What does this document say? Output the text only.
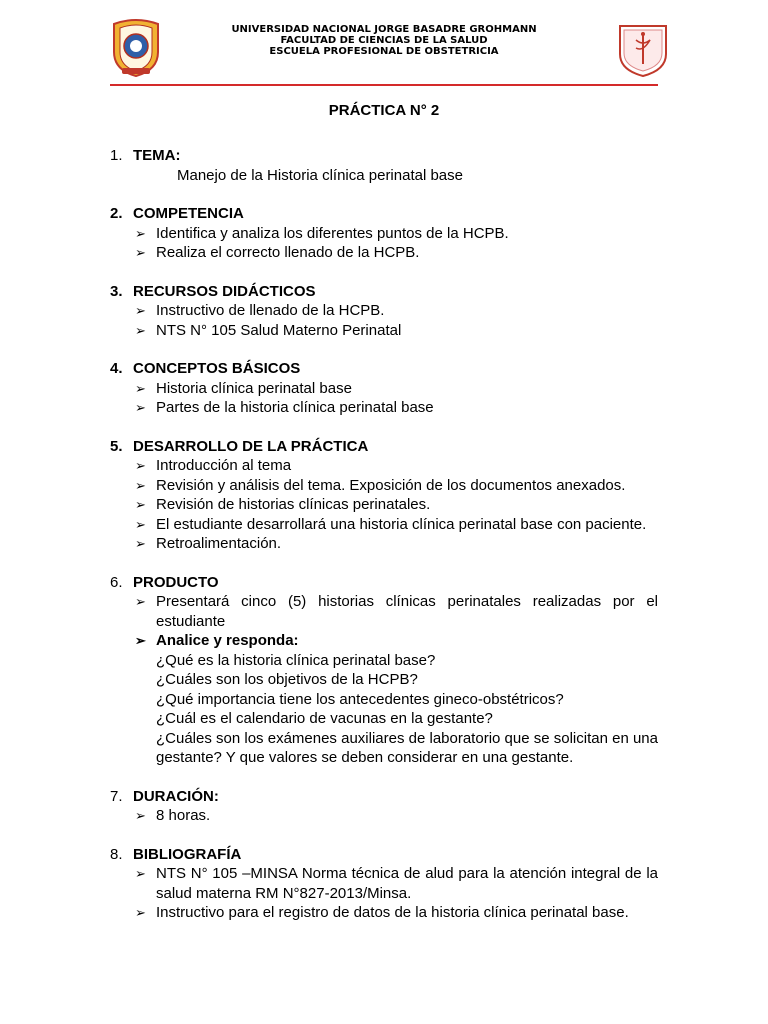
UNIVERSIDAD NACIONAL JORGE BASADRE GROHMANN
FACULTAD DE CIENCIAS DE LA SALUD
ESCUELA PROFESIONAL DE OBSTETRICIA
PRÁCTICA N° 2
1. TEMA:
Manejo de la Historia clínica perinatal base
2. COMPETENCIA
➢ Identifica y analiza los diferentes puntos de la HCPB.
➢ Realiza el correcto llenado de la HCPB.
3. RECURSOS DIDÁCTICOS
➢ Instructivo de llenado de la HCPB.
➢ NTS N° 105 Salud Materno Perinatal
4. CONCEPTOS BÁSICOS
➢ Historia clínica perinatal base
➢ Partes de la historia clínica perinatal base
5. DESARROLLO DE LA PRÁCTICA
➢ Introducción al tema
➢ Revisión y análisis del tema. Exposición de los documentos anexados.
➢ Revisión de historias clínicas perinatales.
➢ El estudiante desarrollará una historia clínica perinatal base con paciente.
➢ Retroalimentación.
6. PRODUCTO
➢ Presentará cinco (5) historias clínicas perinatales realizadas por el estudiante
➢ Analice y responda:
¿Qué es la historia clínica perinatal base?
¿Cuáles son los objetivos de la HCPB?
¿Qué importancia tiene los antecedentes gineco-obstétricos?
¿Cuál es el calendario de vacunas en la gestante?
¿Cuáles son los exámenes auxiliares de laboratorio que se solicitan en una gestante? Y que valores se deben considerar en una gestante.
7. DURACIÓN:
➢ 8 horas.
8. BIBLIOGRAFÍA
➢ NTS N° 105 –MINSA Norma técnica de alud para la atención integral de la salud materna RM N°827-2013/Minsa.
➢ Instructivo para el registro de datos de la historia clínica perinatal base.
